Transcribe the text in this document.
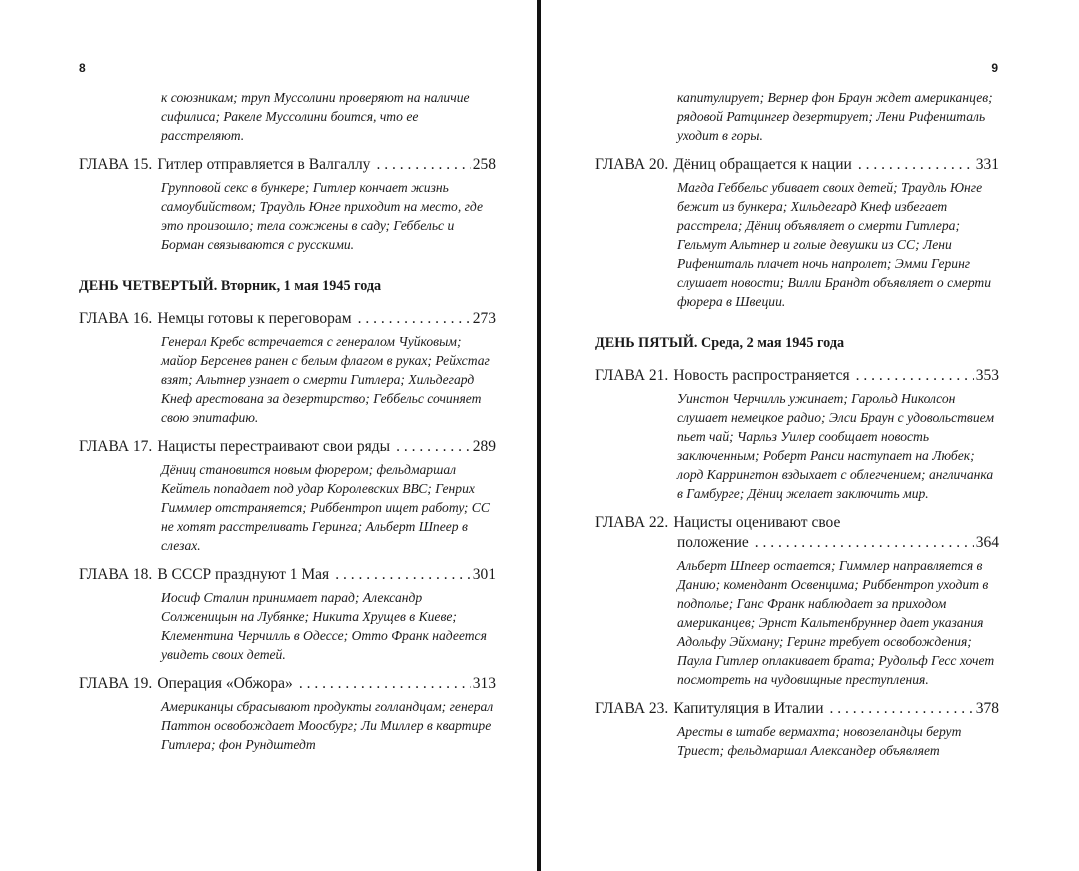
8
к союзникам; труп Муссолини проверяют на наличие сифилиса; Ракеле Муссолини боится, что ее расстреляют.
ГЛАВА 15. Гитлер отправляется в Валгаллу . . .	258
Групповой секс в бункере; Гитлер кончает жизнь самоубийством; Траудль Юнге приходит на место, где это произошло; тела сожжены в саду; Геббельс и Борман связываются с русскими.
ДЕНЬ ЧЕТВЕРТЫЙ. Вторник, 1 мая 1945 года
ГЛАВА 16. Немцы готовы к переговорам . . .	273
Генерал Кребс встречается с генералом Чуйковым; майор Берсенев ранен с белым флагом в руках; Рейхстаг взят; Альтнер узнает о смерти Гитлера; Хильдегард Кнеф арестована за дезертирство; Геббельс сочиняет свою эпитафию.
ГЛАВА 17. Нацисты перестраивают свои ряды . . .	289
Дёниц становится новым фюрером; фельдмаршал Кейтель попадает под удар Королевских ВВС; Генрих Гиммлер отстраняется; Риббентроп ищет работу; СС не хотят расстреливать Геринга; Альберт Шпеер в слезах.
ГЛАВА 18. В СССР празднуют 1 Мая . . .	301
Иосиф Сталин принимает парад; Александр Солженицын на Лубянке; Никита Хрущев в Киеве; Клементина Черчилль в Одессе; Отто Франк надеется увидеть своих детей.
ГЛАВА 19. Операция «Обжора» . . .	313
Американцы сбрасывают продукты голландцам; генерал Паттон освобождает Моосбург; Ли Миллер в квартире Гитлера; фон Рундштедт
9
капитулирует; Вернер фон Браун ждет американцев; рядовой Ратцингер дезертирует; Лени Рифеншталь уходит в горы.
ГЛАВА 20. Дёниц обращается к нации . . .	331
Магда Геббельс убивает своих детей; Траудль Юнге бежит из бункера; Хильдегард Кнеф избегает расстрела; Дёниц объявляет о смерти Гитлера; Гельмут Альтнер и голые девушки из СС; Лени Рифеншталь плачет ночь напролет; Эмми Геринг слушает новости; Вилли Брандт объявляет о смерти фюрера в Швеции.
ДЕНЬ ПЯТЫЙ. Среда, 2 мая 1945 года
ГЛАВА 21. Новость распространяется . . .	353
Уинстон Черчилль ужинает; Гарольд Николсон слушает немецкое радио; Элси Браун с удовольствием пьет чай; Чарльз Уилер сообщает новость заключенным; Роберт Ранси наступает на Любек; лорд Каррингтон вздыхает с облегчением; англичанка в Гамбурге; Дёниц желает заключить мир.
ГЛАВА 22. Нацисты оценивают свое
положение . . .	364
Альберт Шпеер остается; Гиммлер направляется в Данию; комендант Освенцима; Риббентроп уходит в подполье; Ганс Франк наблюдает за приходом американцев; Эрнст Кальтенбруннер дает указания Адольфу Эйхману; Геринг требует освобождения; Паула Гитлер оплакивает брата; Рудольф Гесс хочет посмотреть на чудовищные преступления.
ГЛАВА 23. Капитуляция в Италии . . .	378
Аресты в штабе вермахта; новозеландцы берут Триест; фельдмаршал Александер объявляет
